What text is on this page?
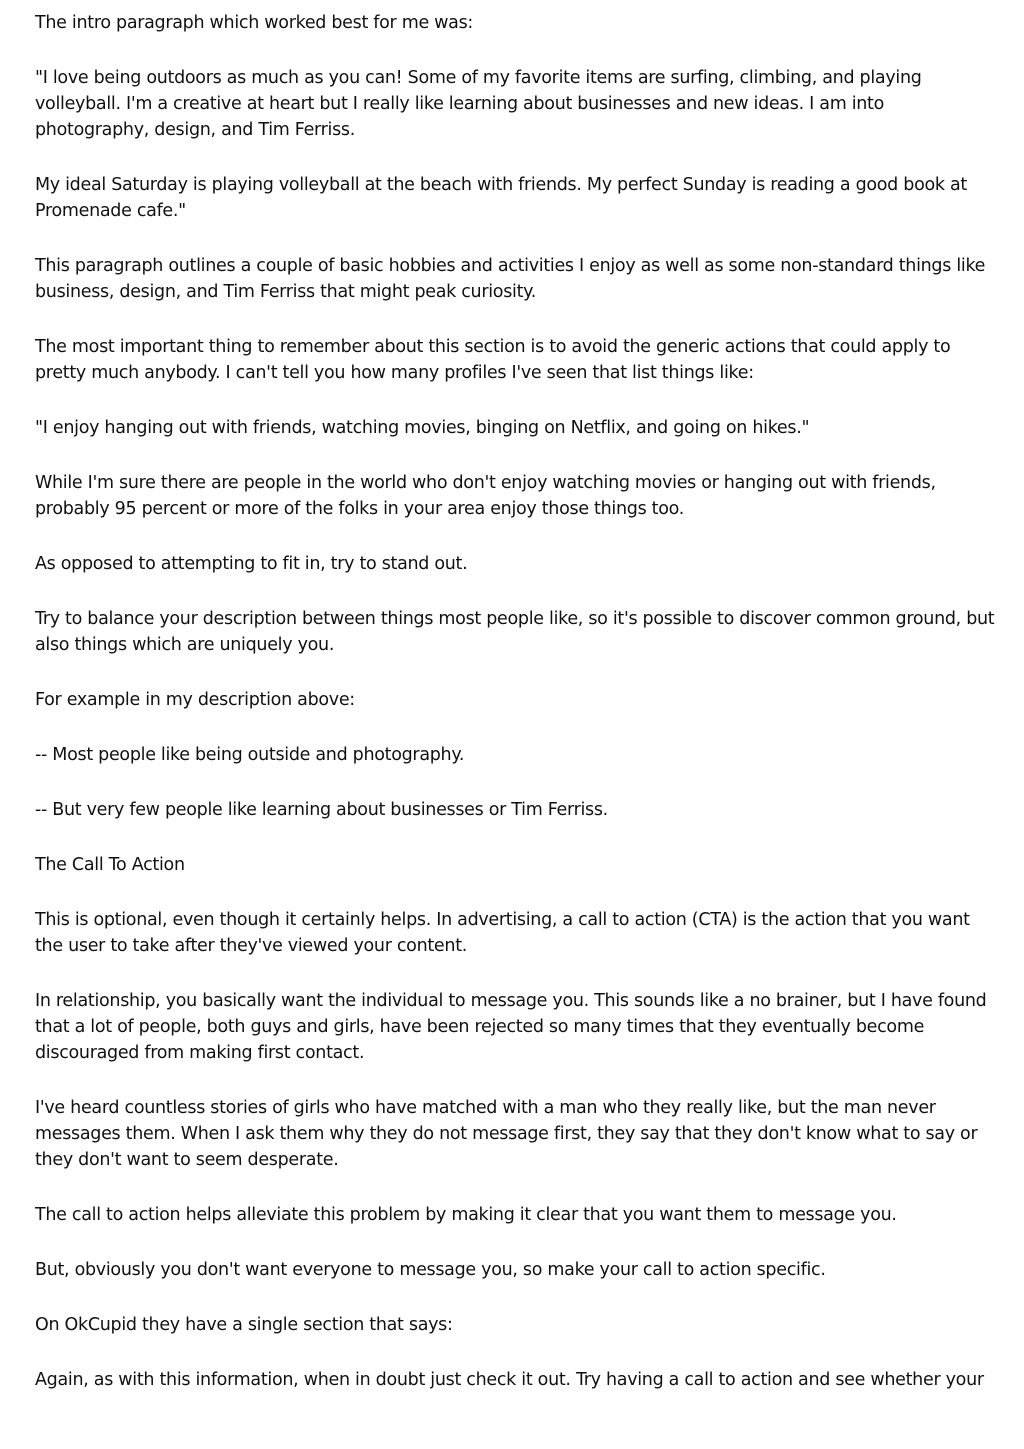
The intro paragraph which worked best for me was:

"I love being outdoors as much as you can! Some of my favorite items are surfing, climbing, and playing volleyball. I'm a creative at heart but I really like learning about businesses and new ideas. I am into photography, design, and Tim Ferriss.

My ideal Saturday is playing volleyball at the beach with friends. My perfect Sunday is reading a good book at Promenade cafe."

This paragraph outlines a couple of basic hobbies and activities I enjoy as well as some non-standard things like business, design, and Tim Ferriss that might peak curiosity.

The most important thing to remember about this section is to avoid the generic actions that could apply to pretty much anybody. I can't tell you how many profiles I've seen that list things like:

"I enjoy hanging out with friends, watching movies, binging on Netflix, and going on hikes."

While I'm sure there are people in the world who don't enjoy watching movies or hanging out with friends, probably 95 percent or more of the folks in your area enjoy those things too.

As opposed to attempting to fit in, try to stand out.

Try to balance your description between things most people like, so it's possible to discover common ground, but also things which are uniquely you.

For example in my description above:

-- Most people like being outside and photography.

-- But very few people like learning about businesses or Tim Ferriss.

The Call To Action

This is optional, even though it certainly helps. In advertising, a call to action (CTA) is the action that you want the user to take after they've viewed your content.

In relationship, you basically want the individual to message you. This sounds like a no brainer, but I have found that a lot of people, both guys and girls, have been rejected so many times that they eventually become discouraged from making first contact.

I've heard countless stories of girls who have matched with a man who they really like, but the man never messages them. When I ask them why they do not message first, they say that they don't know what to say or they don't want to seem desperate.

The call to action helps alleviate this problem by making it clear that you want them to message you.

But, obviously you don't want everyone to message you, so make your call to action specific.

On OkCupid they have a single section that says:

Again, as with this information, when in doubt just check it out. Try having a call to action and see whether your
